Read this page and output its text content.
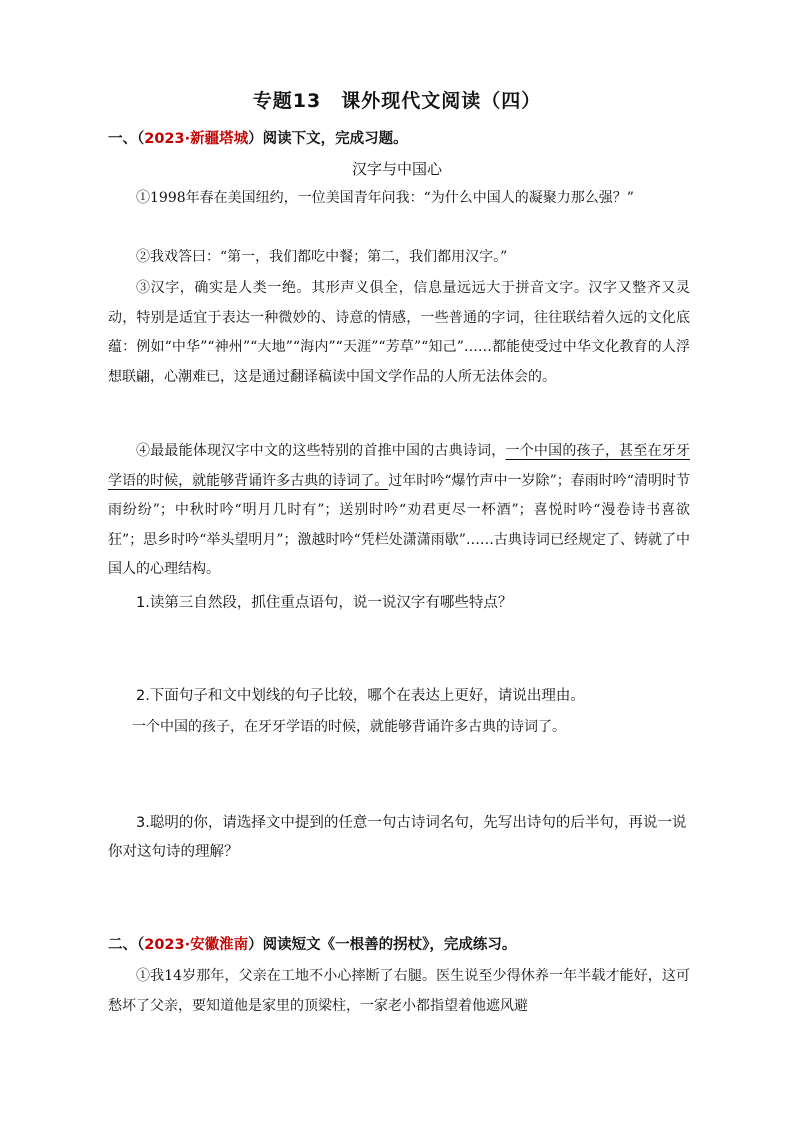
专题13　课外现代文阅读（四）
一、（2023·新疆塔城）阅读下文，完成习题。
汉字与中国心

①1998年春在美国纽约，一位美国青年问我：“为什么中国人的凝聚力那么强？”

②我戏答曰：“第一，我们都吃中餐；第二，我们都用汉字。”

③汉字，确实是人类一绝。其形声义俱全，信息量远远大于拼音文字。汉字又整齐又灵动，特别是适宜于表达一种微妙的、诗意的情感，一些普通的字词，往往联结着久远的文化底蕴：例如“中华”“神州”“大地”“海内”“天涯”“芳草”“知己”……都能使受过中华文化教育的人浮想联翩，心潮难已，这是通过翻译稿读中国文学作品的人所无法体会的。

④最最能体现汉字中文的这些特别的首推中国的古典诗词，一个中国的孩子，甚至在牙牙学语的时候，就能够背诵许多古典的诗词了。过年时吟“爆竹声中一岁除”；春雨时吟“清明时节雨纷纷”；中秋时吟“明月几时有”；送别时吟“劝君更尽一杯酒”；喜悦时吟“漫卷诗书喜欲狂”；思乡时吟“举头望明月”；激越时吟“凭栏处潇潇雨歇”……古典诗词已经规定了、铸就了中国人的心理结构。

1.读第三自然段，抓住重点语句，说一说汉字有哪些特点？

2.下面句子和文中划线的句子比较，哪个在表达上更好，请说出理由。

一个中国的孩子，在牙牙学语的时候，就能够背诵许多古典的诗词了。

3.聪明的你，请选择文中提到的任意一句古诗词名句，先写出诗句的后半句，再说一说你对这句诗的理解？

二、（2023·安徽淮南）阅读短文《一根善的拐杖》，完成练习。

①我14岁那年，父亲在工地不小心摔断了右腿。医生说至少得休养一年半载才能好，这可愁坏了父亲，要知道他是家里的顶梁柱，一家老小都指望着他遮风避
